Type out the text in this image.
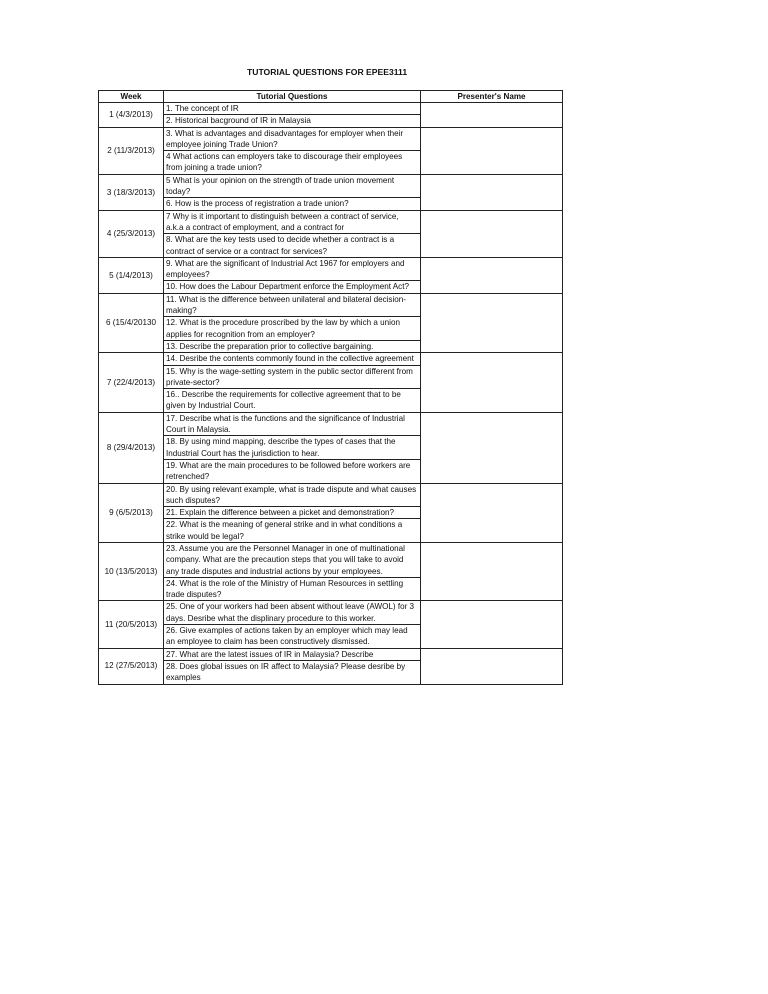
TUTORIAL QUESTIONS FOR EPEE3111
Week	Tutorial Questions	Presenter's Name
1 (4/3/2013)	1. The concept of IR	
	2. Historical bacground of IR in Malaysia	
2 (11/3/2013)	3. What is advantages and disadvantages for employer when their employee joining Trade Union?	
	4 What actions can employers take to discourage their employees from joining a trade union?	
3 (18/3/2013)	5 What is your opinion on the strength of trade union movement today?	
	6. How is the process of registration a trade union?	
4 (25/3/2013)	7 Why is it important to distinguish between a contract of service, a.k.a a contract of employment, and a contract for	
	8. What are the key tests used to decide whether a contract is a contract of service or a contract for services?	
5 (1/4/2013)	9. What are the significant of Industrial Act 1967 for employers and employees?	
	10. How does the Labour Department enforce the Employment Act?	
6 (15/4/20130	11. What is the difference between unilateral and bilateral decision-making?	
	12. What is the procedure proscribed by the law by which a union applies for recognition from an employer?	
	13. Describe the preparation prior to collective bargaining.	
7 (22/4/2013)	14. Desribe the contents commonly found in the collective agreement	
	15. Why is the wage-setting system in the public sector different from private-sector?	
	16.. Describe the requirements for collective agreement that to be given by Industrial Court.	
8 (29/4/2013)	17. Describe what is the functions and the significance of Industrial Court in Malaysia.	
	18. By using mind mapping, describe the types of cases that the Industrial Court has the jurisdiction to hear.	
	19. What are the main procedures to be followed before workers are retrenched?	
9 (6/5/2013)	20. By using relevant example, what is trade dispute and what causes such disputes?	
	21. Explain the difference between a picket and demonstration?	
	22. What is the meaning of general strike and in what conditions a strike would be legal?	
10 (13/5/2013)	23. Assume you are the Personnel Manager in one of multinational company. What are the precaution steps that you will take to avoid any trade disputes and industrial actions by your employees.	
	24. What is the role of the Ministry of Human Resources in settling trade disputes?	
11 (20/5/2013)	25. One of your workers had been absent without leave (AWOL) for 3 days. Desribe what the displinary procedure to this worker.	
	26. Give examples of actions taken by an employer which may lead an employee to claim has been constructively dismissed.	
12 (27/5/2013)	27. What are the latest issues of IR in Malaysia? Describe	
	28. Does global issues on IR affect to Malaysia? Please desribe by examples	
